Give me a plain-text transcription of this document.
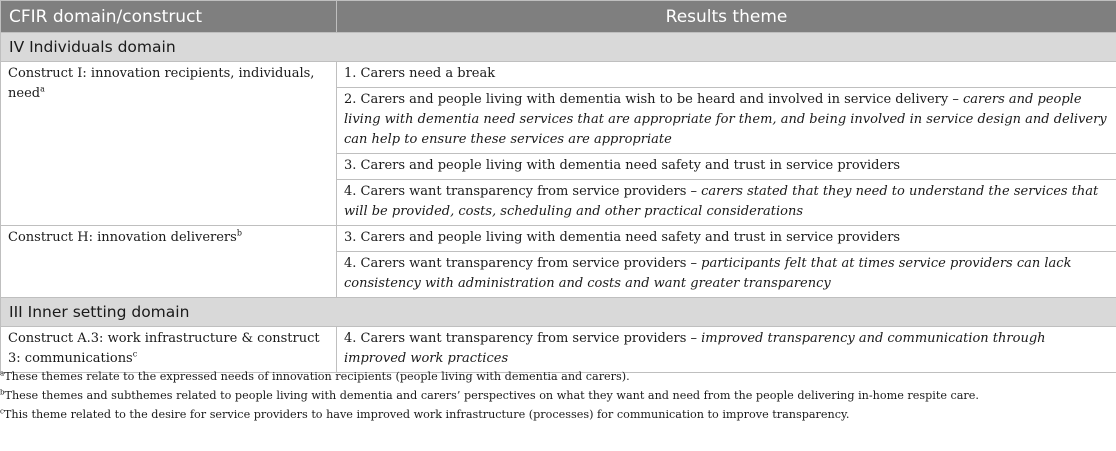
CFIR domain/construct	Results theme
IV Individuals domain	
Construct I: innovation recipients, individuals, need$^a$	1. Carers need a break
	2. Carers and people living with dementia wish to be heard and involved in service delivery – carers and people living with dementia need services that are appropriate for them, and being involved in service design and delivery can help to ensure these services are appropriate
	3. Carers and people living with dementia need safety and trust in service providers
	4. Carers want transparency from service providers – carers stated that they need to understand the services that will be provided, costs, scheduling and other practical considerations
Construct H: innovation deliverers$^b$	3. Carers and people living with dementia need safety and trust in service providers
	4. Carers want transparency from service providers – participants felt that at times service providers can lack consistency with administration and costs and want greater transparency
III Inner setting domain	
Construct A.3: work infrastructure & construct 3: communications$^c$	4. Carers want transparency from service providers – improved transparency and communication through improved work practices
$^a$These themes relate to the expressed needs of innovation recipients (people living with dementia and carers).
$^b$These themes and subthemes related to people living with dementia and carers’ perspectives on what they want and need from the people delivering in-home respite care.
$^c$This theme related to the desire for service providers to have improved work infrastructure (processes) for communication to improve transparency.
